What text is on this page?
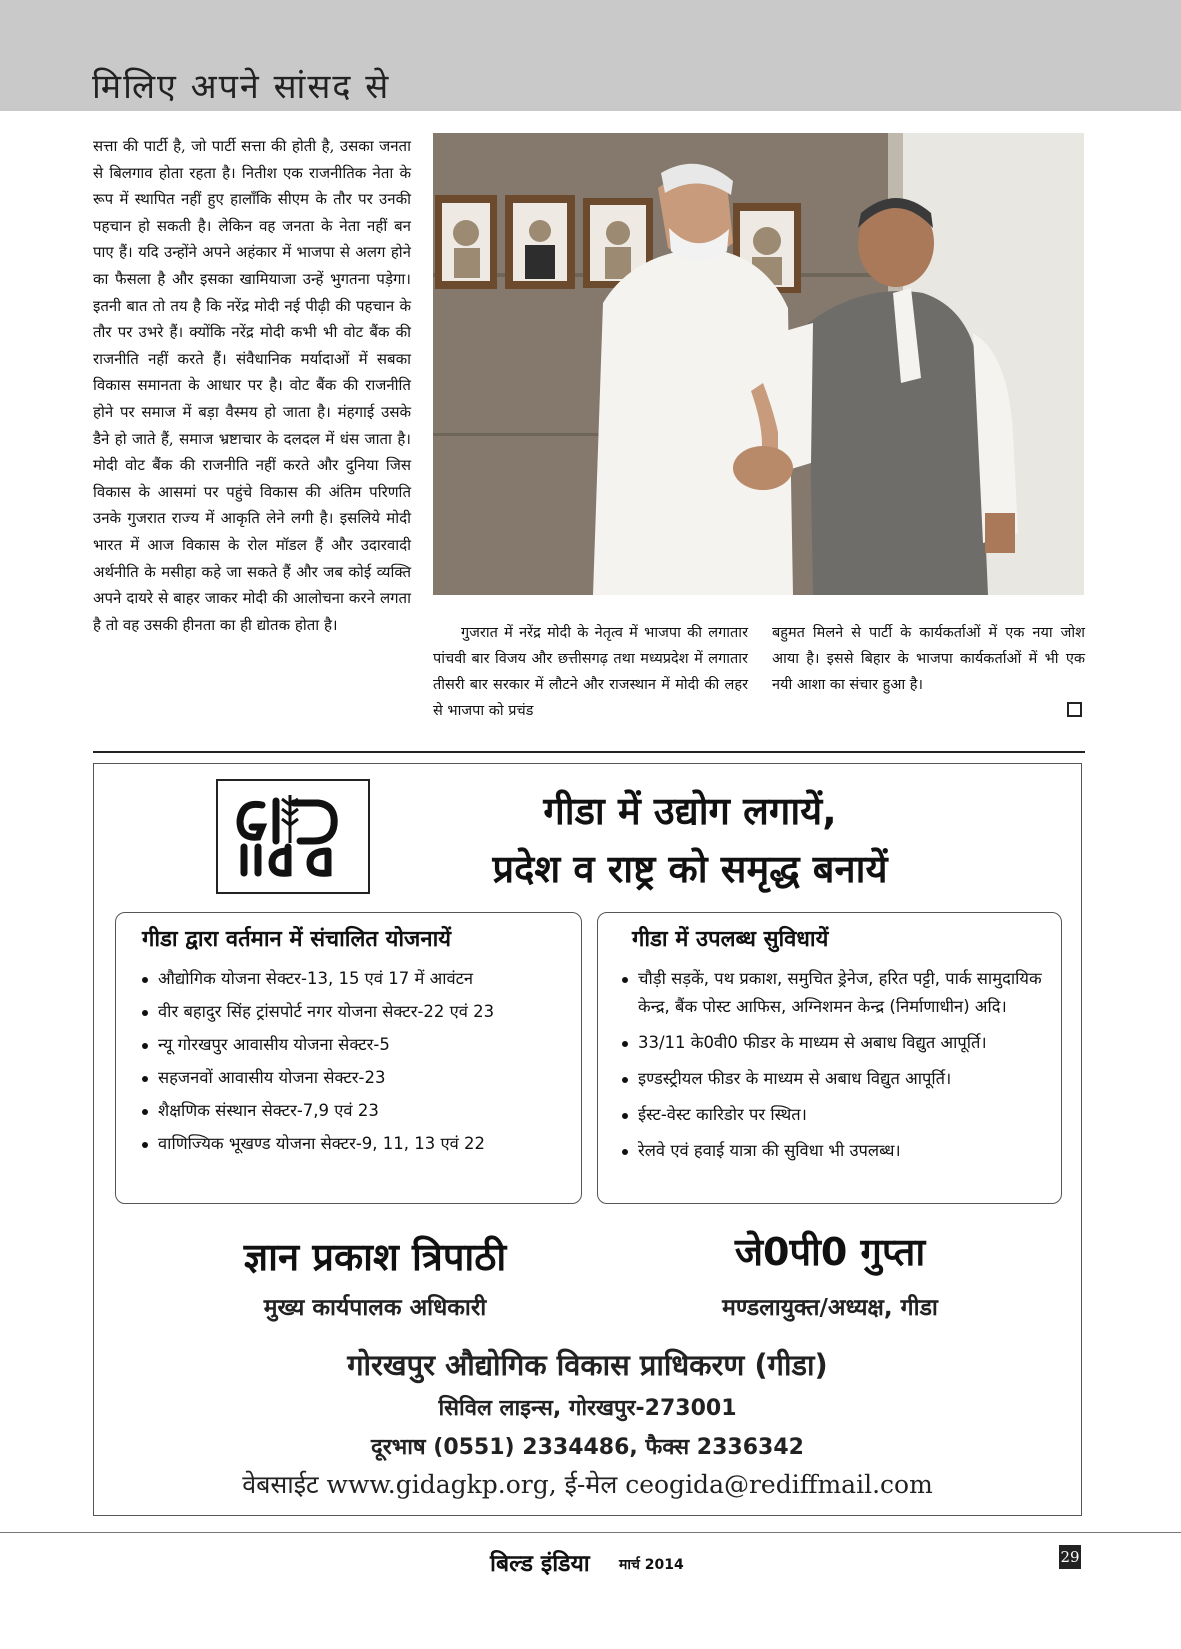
मिलिए अपने सांसद से
सत्ता की पार्टी है, जो पार्टी सत्ता की होती है, उसका जनता से बिलगाव होता रहता है। नितीश एक राजनीतिक नेता के रूप में स्थापित नहीं हुए हालाँकि सीएम के तौर पर उनकी पहचान हो सकती है। लेकिन वह जनता के नेता नहीं बन पाए हैं। यदि उन्होंने अपने अहंकार में भाजपा से अलग होने का फैसला है और इसका खामियाजा उन्हें भुगतना पड़ेगा। इतनी बात तो तय है कि नरेंद्र मोदी नई पीढ़ी की पहचान के तौर पर उभरे हैं। क्योंकि नरेंद्र मोदी कभी भी वोट बैंक की राजनीति नहीं करते हैं। संवैधानिक मर्यादाओं में सबका विकास समानता के आधार पर है। वोट बैंक की राजनीति होने पर समाज में बड़ा वैस्मय हो जाता है। मंहगाई उसके डैने हो जाते हैं, समाज भ्रष्टाचार के दलदल में धंस जाता है। मोदी वोट बैंक की राजनीति नहीं करते और दुनिया जिस विकास के आसमां पर पहुंचे विकास की अंतिम परिणति उनके गुजरात राज्य में आकृति लेने लगी है। इसलिये मोदी भारत में आज विकास के रोल मॉडल हैं और उदारवादी अर्थनीति के मसीहा कहे जा सकते हैं और जब कोई व्यक्ति अपने दायरे से बाहर जाकर मोदी की आलोचना करने लगता है तो वह उसकी हीनता का ही द्योतक होता है।	गुजरात में नरेंद्र मोदी के नेतृत्व में भाजपा की लगातार पांचवी बार विजय और छत्तीसगढ़ तथा मध्यप्रदेश में लगातार तीसरी बार सरकार में लौटने और राजस्थान में मोदी की लहर से भाजपा को प्रचंड
बहुमत मिलने से पार्टी के कार्यकर्ताओं में एक नया जोश आया है। इससे बिहार के भाजपा कार्यकर्ताओं में भी एक नयी आशा का संचार हुआ है।
गीडा में उद्योग लगायें,
प्रदेश व राष्ट्र को समृद्ध बनायें
गीडा द्वारा वर्तमान में संचालित योजनायें
औद्योगिक योजना सेक्टर-13, 15 एवं 17 में आवंटन
वीर बहादुर सिंह ट्रांसपोर्ट नगर योजना सेक्टर-22 एवं 23
न्यू गोरखपुर आवासीय योजना सेक्टर-5
सहजनवों आवासीय योजना सेक्टर-23
शैक्षणिक संस्थान सेक्टर-7,9 एवं 23
वाणिज्यिक भूखण्ड योजना सेक्टर-9, 11, 13 एवं 22
गीडा में उपलब्ध सुविधायें
चौड़ी सड़कें, पथ प्रकाश, समुचित ड्रेनेज, हरित पट्टी, पार्क सामुदायिक केन्द्र, बैंक पोस्ट आफिस, अग्निशमन केन्द्र (निर्माणाधीन) अदि।
33/11 के0वी0 फीडर के माध्यम से अबाध विद्युत आपूर्ति।
इण्डस्ट्रीयल फीडर के माध्यम से अबाध विद्युत आपूर्ति।
ईस्ट-वेस्ट कारिडोर पर स्थित।
रेलवे एवं हवाई यात्रा की सुविधा भी उपलब्ध।
ज्ञान प्रकाश त्रिपाठी
मुख्य कार्यपालक अधिकारी
जे0पी0 गुप्ता
मण्डलायुक्त/अध्यक्ष, गीडा
गोरखपुर औद्योगिक विकास प्राधिकरण (गीडा)
सिविल लाइन्स, गोरखपुर-273001
दूरभाष (0551) 2334486, फैक्स 2336342
वेबसाईट www.gidagkp.org, ई-मेल ceogida@rediffmail.com
बिल्ड इंडिया मार्च 2014	29
